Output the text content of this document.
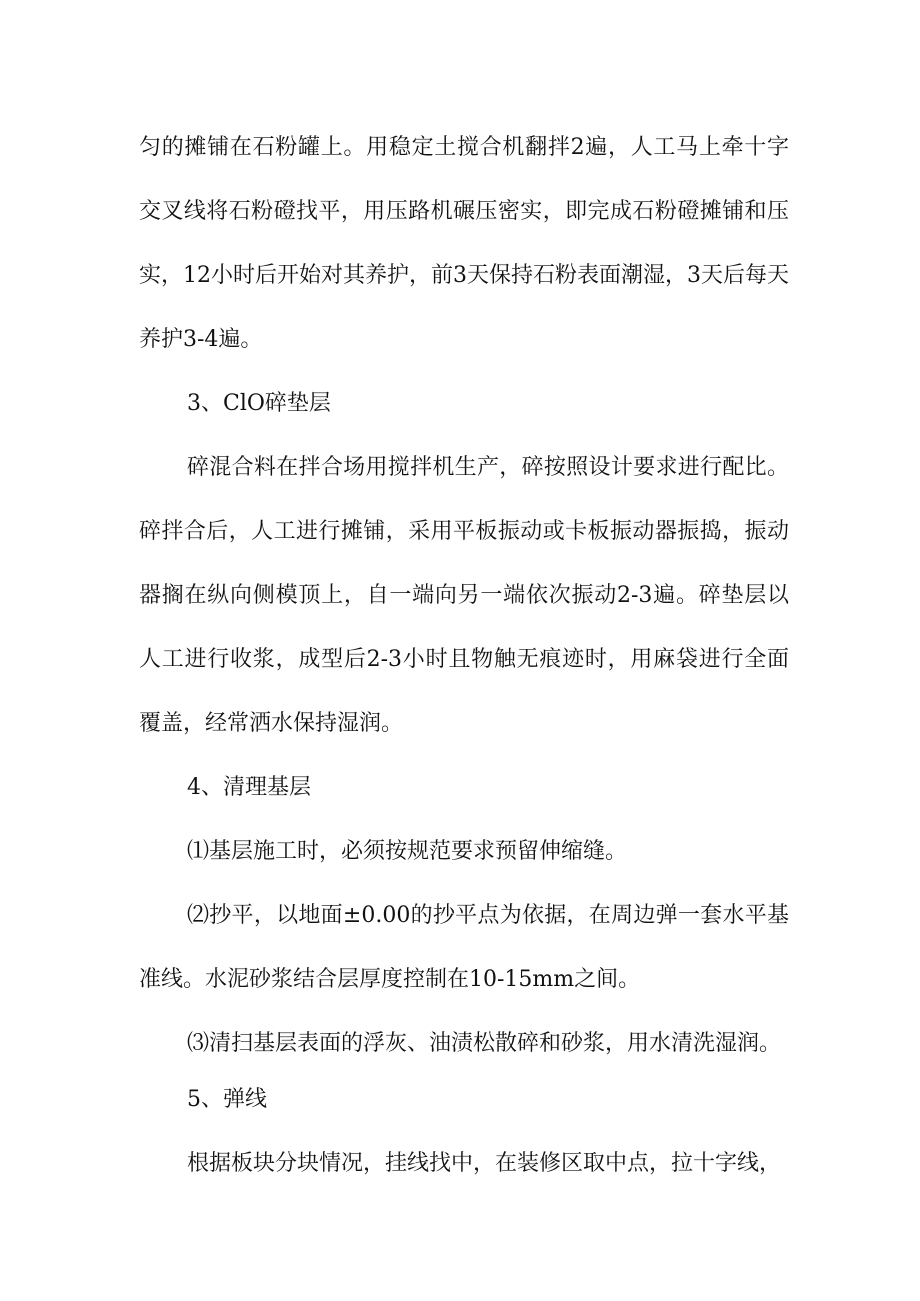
匀的摊铺在石粉罐上。用稳定土搅合机翻拌2遍，人工马上牵十字交叉线将石粉磴找平，用压路机碾压密实，即完成石粉磴摊铺和压实，12小时后开始对其养护，前3天保持石粉表面潮湿，3天后每天养护3-4遍。

3、ClO碎垫层

碎混合料在拌合场用搅拌机生产，碎按照设计要求进行配比。碎拌合后，人工进行摊铺，采用平板振动或卡板振动器振捣，振动器搁在纵向侧模顶上，自一端向另一端依次振动2-3遍。碎垫层以人工进行收浆，成型后2-3小时且物触无痕迹时，用麻袋进行全面覆盖，经常洒水保持湿润。

4、清理基层

⑴基层施工时，必须按规范要求预留伸缩缝。

⑵抄平，以地面±0.00的抄平点为依据，在周边弹一套水平基准线。水泥砂浆结合层厚度控制在10-15mm之间。

⑶清扫基层表面的浮灰、油渍松散碎和砂浆，用水清洗湿润。

5、弹线

根据板块分块情况，挂线找中，在装修区取中点，拉十字线，
